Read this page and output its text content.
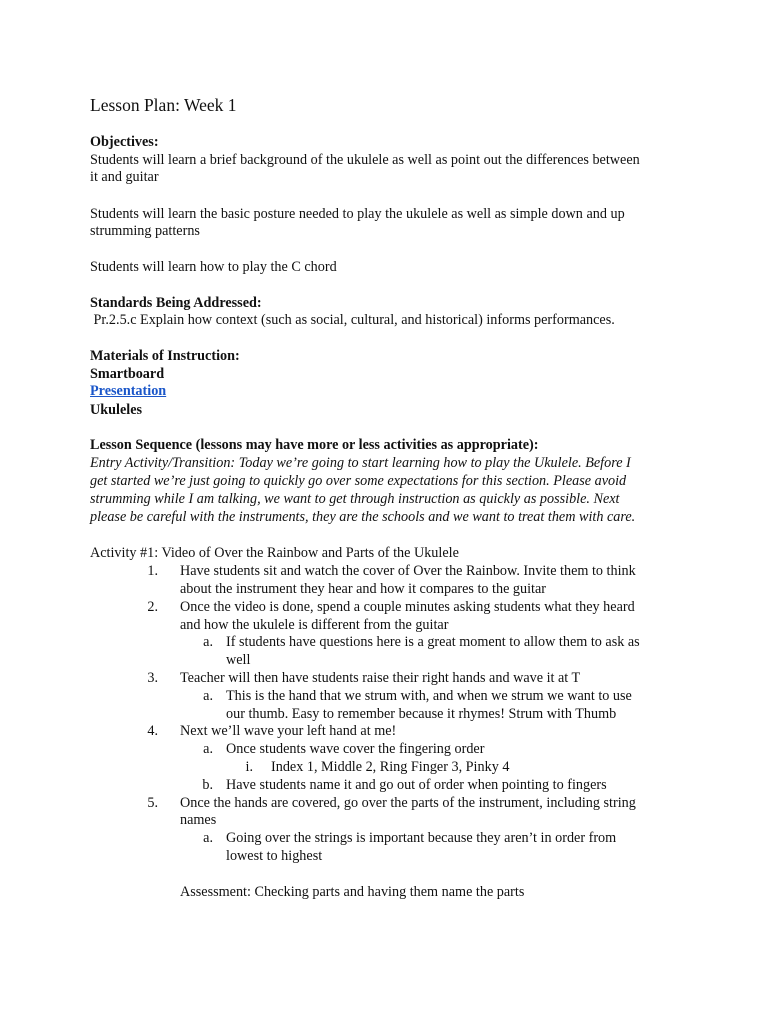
Lesson Plan: Week 1
Objectives:
Students will learn a brief background of the ukulele as well as point out the differences between
it and guitar
Students will learn the basic posture needed to play the ukulele as well as simple down and up
strumming patterns
Students will learn how to play the C chord
Standards Being Addressed:
Pr.2.5.c Explain how context (such as social, cultural, and historical) informs performances.
Materials of Instruction:
Smartboard
Presentation
Ukuleles
Lesson Sequence (lessons may have more or less activities as appropriate):
Entry Activity/Transition: Today we’re going to start learning how to play the Ukulele. Before I
get started we’re just going to quickly go over some expectations for this section. Please avoid
strumming while I am talking, we want to get through instruction as quickly as possible. Next
please be careful with the instruments, they are the schools and we want to treat them with care.
Activity #1: Video of Over the Rainbow and Parts of the Ukulele
1. Have students sit and watch the cover of Over the Rainbow. Invite them to think
about the instrument they hear and how it compares to the guitar
2. Once the video is done, spend a couple minutes asking students what they heard
and how the ukulele is different from the guitar
a. If students have questions here is a great moment to allow them to ask as
well
3. Teacher will then have students raise their right hands and wave it at T
a. This is the hand that we strum with, and when we strum we want to use
our thumb. Easy to remember because it rhymes! Strum with Thumb
4. Next we’ll wave your left hand at me!
a. Once students wave cover the fingering order
i. Index 1, Middle 2, Ring Finger 3, Pinky 4
b. Have students name it and go out of order when pointing to fingers
5. Once the hands are covered, go over the parts of the instrument, including string
names
a. Going over the strings is important because they aren’t in order from
lowest to highest
Assessment: Checking parts and having them name the parts
